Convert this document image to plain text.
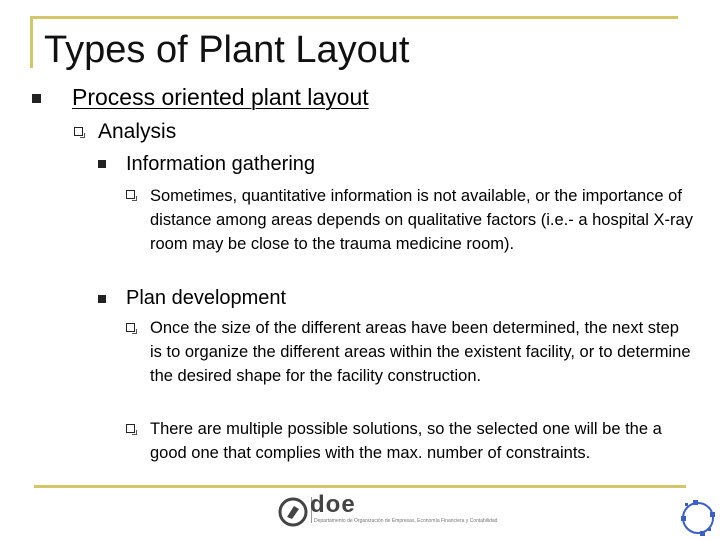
Types of Plant Layout
Process oriented plant layout
Analysis
Information gathering
Sometimes, quantitative information is not available, or the importance of distance among areas depends on qualitative factors (i.e.- a hospital X-ray room may be close to the trauma medicine room).
Plan development
Once the size of the different areas have been determined, the next step is to organize the different areas within the existent facility, or to determine the desired shape for the facility construction.
There are multiple possible solutions, so the selected one will be the a good one that complies with the max. number of constraints.
doe
Departamento de Organización de Empresas, Economía Financiera y Contabilidad
